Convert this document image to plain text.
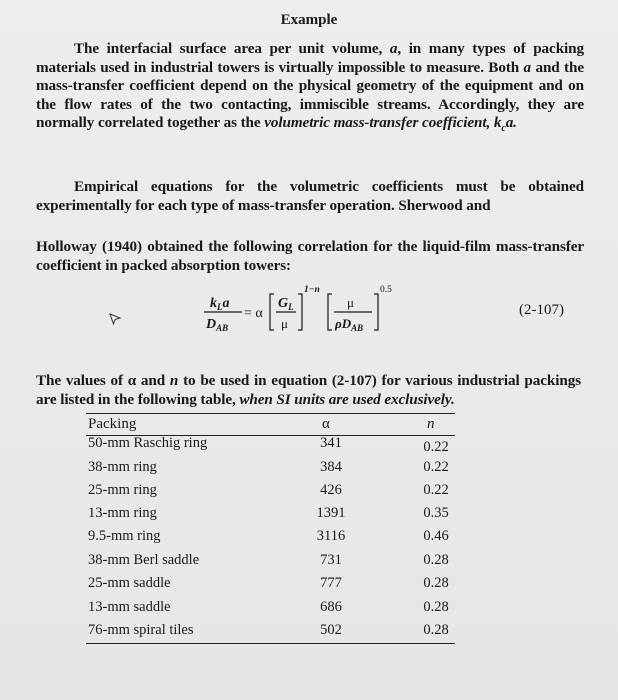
Example
The interfacial surface area per unit volume, a, in many types of packing materials used in industrial towers is virtually impossible to measure. Both a and the mass-transfer coefficient depend on the physical geometry of the equipment and on the flow rates of the two contacting, immiscible streams. Accordingly, they are normally correlated together as the volumetric mass-transfer coefficient, $k_ca$.
Empirical equations for the volumetric coefficients must be obtained experimentally for each type of mass-transfer operation. Sherwood and
Holloway (1940) obtained the following correlation for the liquid-film mass-transfer coefficient in packed absorption towers:
$k_La$
$D_{AB}$
= α
$G_L$
μ
1−n
μ
$\rho D_{AB}$
0.5
(2-107)
The values of α and n to be used in equation (2-107) for various industrial packings are listed in the following table, when SI units are used exclusively.
Packing	α	n
50-mm Raschig ring	341	0.22
38-mm ring	384	0.22
25-mm ring	426	0.22
13-mm ring	1391	0.35
9.5-mm ring	3116	0.46
38-mm Berl saddle	731	0.28
25-mm saddle	777	0.28
13-mm saddle	686	0.28
76-mm spiral tiles	502	0.28
